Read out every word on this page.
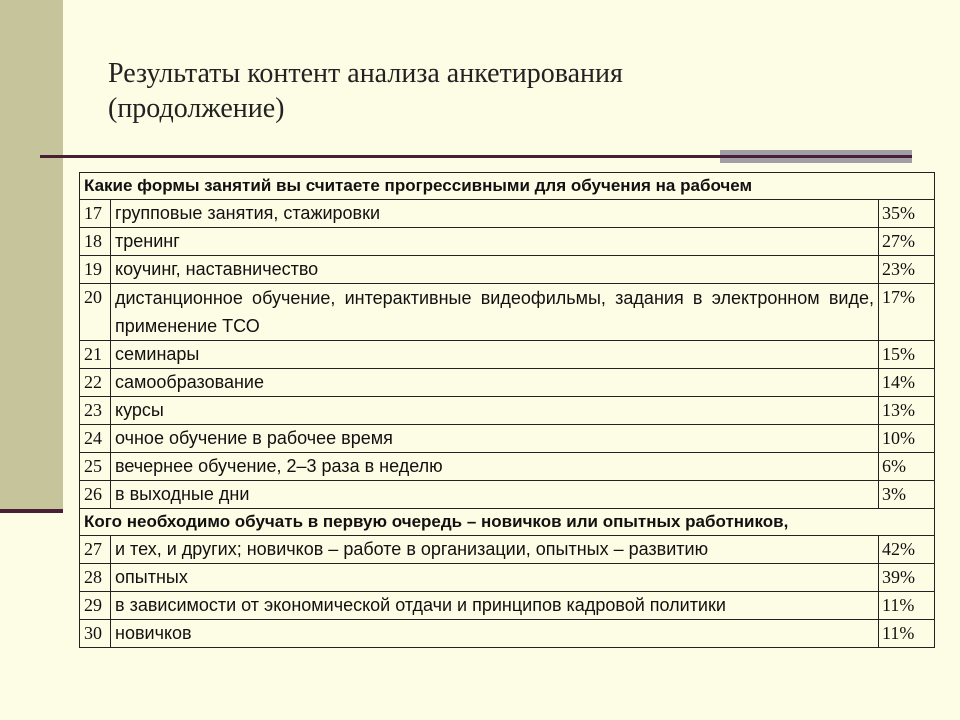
Результаты контент анализа анкетирования
(продолжение)
Какие формы занятий вы считаете прогрессивными для обучения на рабочем		
17	групповые занятия, стажировки	35%
18	тренинг	27%
19	коучинг, наставничество	23%
20	дистанционное обучение, интерактивные видеофильмы, задания в электронном виде, применение ТСО	17%
21	семинары	15%
22	самообразование	14%
23	курсы	13%
24	очное обучение в рабочее время	10%
25	вечернее обучение, 2–3 раза в неделю	6%
26	в выходные дни	3%
Кого необходимо обучать в первую очередь – новичков или опытных работников,		
27	и тех, и других; новичков – работе в организации, опытных – развитию	42%
28	опытных	39%
29	в зависимости от экономической отдачи и принципов кадровой политики	11%
30	новичков	11%
